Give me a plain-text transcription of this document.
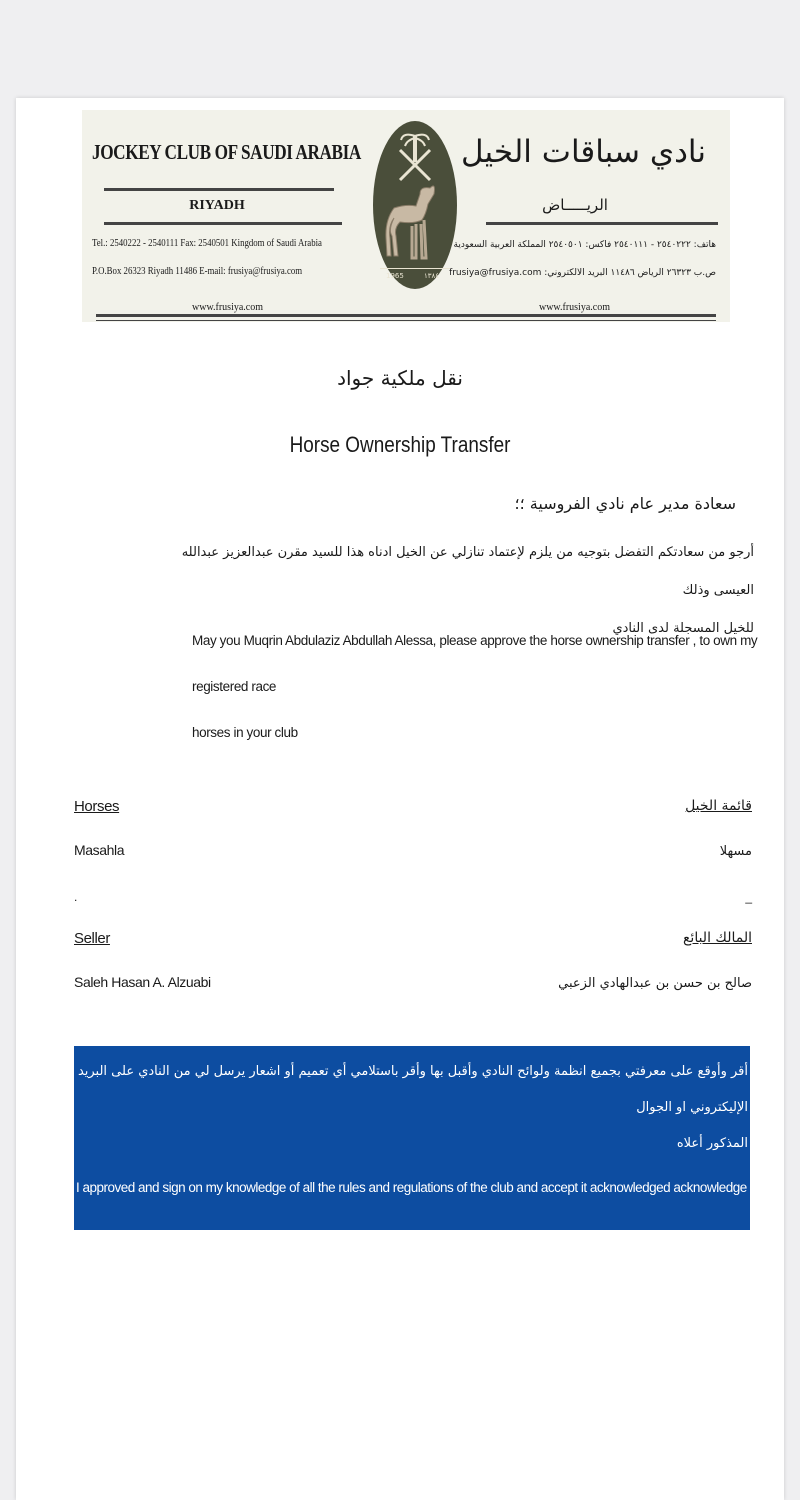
JOCKEY CLUB OF SAUDI ARABIA
RIYADH
Tel.: 2540222 - 2540111 Fax: 2540501 Kingdom of Saudi Arabia
P.O.Box 26323 Riyadh 11486 E-mail: frusiya@frusiya.com
www.frusiya.com
1965	١٣٨٤
نادي سباقات الخيل
الريـــــاض
هاتف: ٢٥٤٠٢٢٢ - ٢٥٤٠١١١ فاكس: ٢٥٤٠٥٠١ المملكة العربية السعودية
ص.ب ٢٦٣٢٣ الرياض ١١٤٨٦ البريد الالكتروني: frusiya@frusiya.com
www.frusiya.com
نقل ملكية جواد
Horse Ownership Transfer
سعادة مدير عام نادي الفروسية ؛؛
أرجو من سعادتكم التفضل بتوجيه من يلزم لإعتماد تنازلي عن الخيل ادناه هذا للسيد مقرن عبدالعزيز عبدالله العيسى وذلك
للخيل المسجلة لدى النادي
May you Muqrin Abdulaziz Abdullah Alessa, please approve the horse ownership transfer , to own my registered race
horses in your club
Horses	قائمة الخيل
Masahla	مسهلا
.	_
Seller	المالك البائع
Saleh Hasan A. Alzuabi	صالح بن حسن بن عبدالهادي الزعبي
أقر وأوقع على معرفتي بجميع انظمة ولوائح النادي وأقبل بها وأقر باستلامي أي تعميم أو اشعار يرسل لي من النادي على البريد الإليكتروني او الجوال
المذكور أعلاه
I approved and sign on my knowledge of all the rules and regulations of the club and accept it acknowledged acknowledge receipt of
any generalization or notice sent to me from the club's e-mail or mobile mentioned above.
